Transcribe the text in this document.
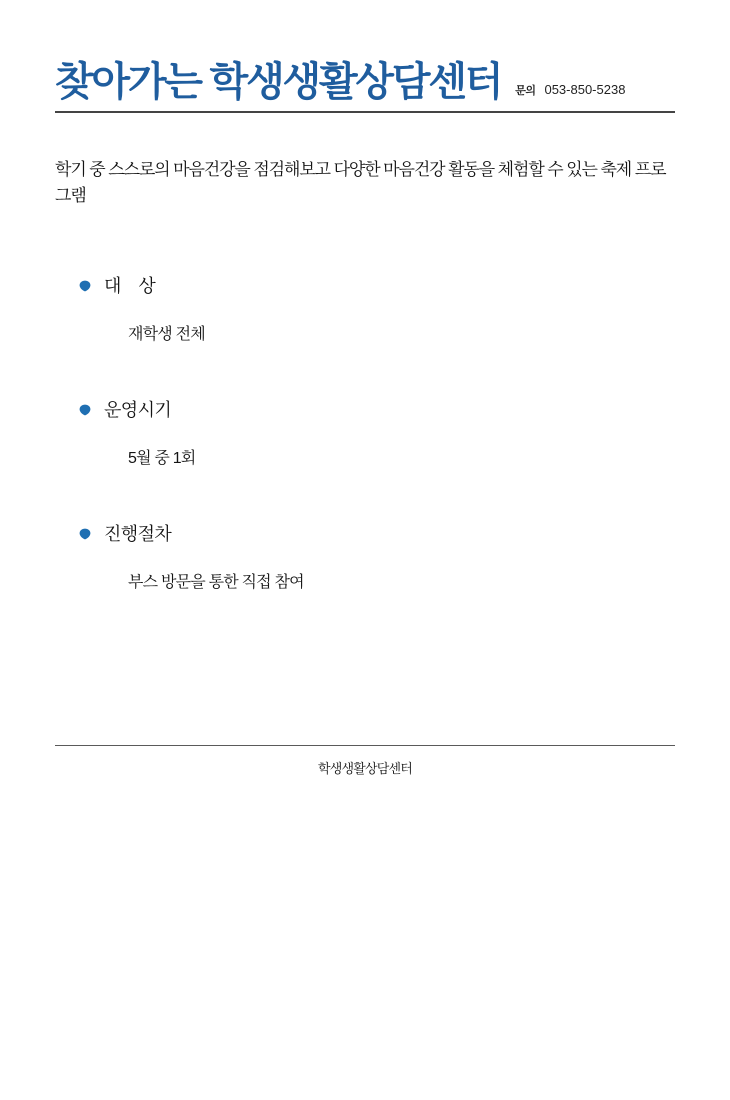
찾아가는 학생생활상담센터 문의 053-850-5238

학기 중 스스로의 마음건강을 점검해보고 다양한 마음건강 활동을 체험할 수 있는 축제 프로그램

대    상
재학생 전체
운영시기
5월 중 1회
진행절차
부스 방문을 통한 직접 참여
학생생활상담센터
